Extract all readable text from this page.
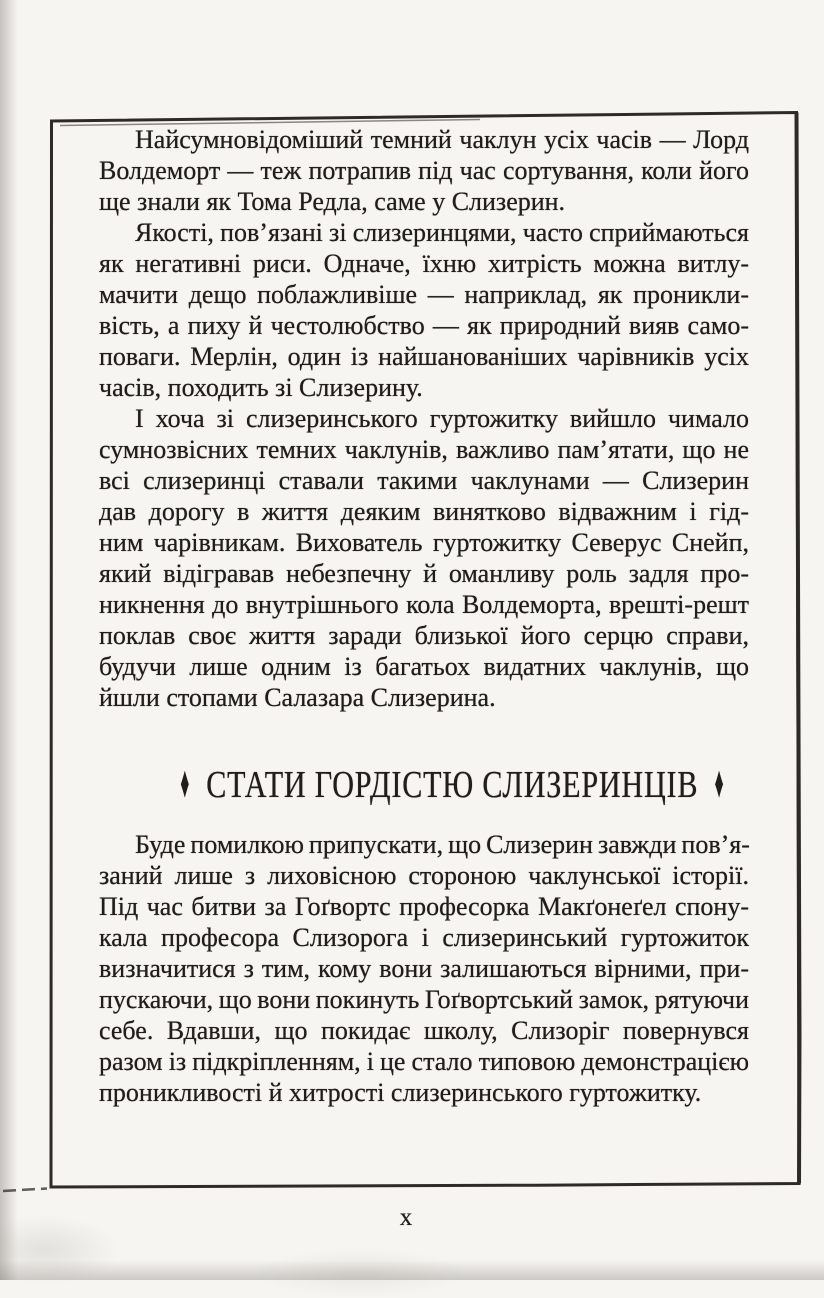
Найсумновідоміший темний чаклун усіх часів — Лорд
Волдеморт — теж потрапив під час сортування, коли його
ще знали як Тома Редла, саме у Слизерин.
Якості, пов’язані зі слизеринцями, часто сприймаються
як негативні риси. Одначе, їхню хитрість можна витлу-
мачити дещо поблажливіше — наприклад, як проникли-
вість, а пиху й честолюбство — як природний вияв само-
поваги. Мерлін, один із найшанованіших чарівників усіх
часів, походить зі Слизерину.
І хоча зі слизеринського гуртожитку вийшло чимало
сумнозвісних темних чаклунів, важливо пам’ятати, що не
всі слизеринці ставали такими чаклунами — Слизерин
дав дорогу в життя деяким винятково відважним і гід-
ним чарівникам. Вихователь гуртожитку Северус Снейп,
який відігравав небезпечну й оманливу роль задля про-
никнення до внутрішнього кола Волдеморта, врешті-решт
поклав своє життя заради близької його серцю справи,
будучи лише одним із багатьох видатних чаклунів, що
йшли стопами Салазара Слизерина.
♦ СТАТИ ГОРДІСТЮ СЛИЗЕРИНЦІВ ♦
Буде помилкою припускати, що Слизерин завжди пов’я-
заний лише з лиховісною стороною чаклунської історії.
Під час битви за Гоґвортс професорка Макґонеґел спону-
кала професора Слизорога і слизеринський гуртожиток
визначитися з тим, кому вони залишаються вірними, при-
пускаючи, що вони покинуть Гоґвортський замок, рятуючи
себе. Вдавши, що покидає школу, Слизоріг повернувся
разом із підкріпленням, і це стало типовою демонстрацією
проникливості й хитрості слизеринського гуртожитку.
x
